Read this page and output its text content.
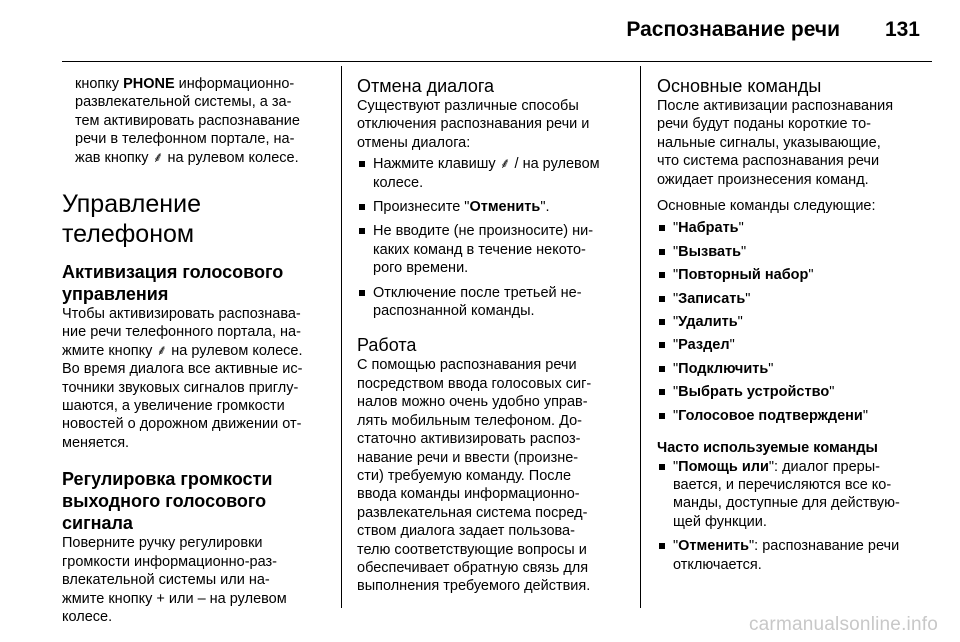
Распознавание речи 131

кнопку PHONE информационно-

развлекательной системы, а за-

тем активировать распознавание

речи в телефонном портале, на-

жав кнопку ⸙ на рулевом колесе.

Управление телефоном
Активизация голосового
управления

Чтобы активизировать распознава-

ние речи телефонного портала, на-

жмите кнопку ⸙ на рулевом колесе.

Во время диалога все активные ис-

точники звуковых сигналов приглу-

шаются, а увеличение громкости

новостей о дорожном движении от-

меняется.

Регулировка громкости
выходного голосового
сигнала

Поверните ручку регулировки

громкости информационно-раз-

влекательной системы или на-

жмите кнопку + или – на рулевом

колесе.

Отмена диалога

Существуют различные способы

отключения распознавания речи и

отмены диалога:

Нажмите клавишу ⸙ / на рулевом
колесе.
Произнесите "Отменить".
Не вводите (не произносите) ни-
каких команд в течение некото-
рого времени.
Отключение после третьей не-
распознанной команды.
Работа

С помощью распознавания речи

посредством ввода голосовых сиг-

налов можно очень удобно управ-

лять мобильным телефоном. До-

статочно активизировать распоз-

навание речи и ввести (произне-

сти) требуемую команду. После

ввода команды информационно-

развлекательная система посред-

ством диалога задает пользова-

телю соответствующие вопросы и

обеспечивает обратную связь для

выполнения требуемого действия.

Основные команды

После активизации распознавания

речи будут поданы короткие то-

нальные сигналы, указывающие,

что система распознавания речи

ожидает произнесения команд.

Основные команды следующие:

"Набрать"
"Вызвать"
"Повторный набор"
"Записать"
"Удалить"
"Раздел"
"Подключить"
"Выбрать устройство"
"Голосовое подтверждени"
Часто используемые команды
"Помощь или": диалог преры-
вается, и перечисляются все ко-
манды, доступные для действую-
щей функции.
"Отменить": распознавание речи
отключается.
carmanualsonline.info
